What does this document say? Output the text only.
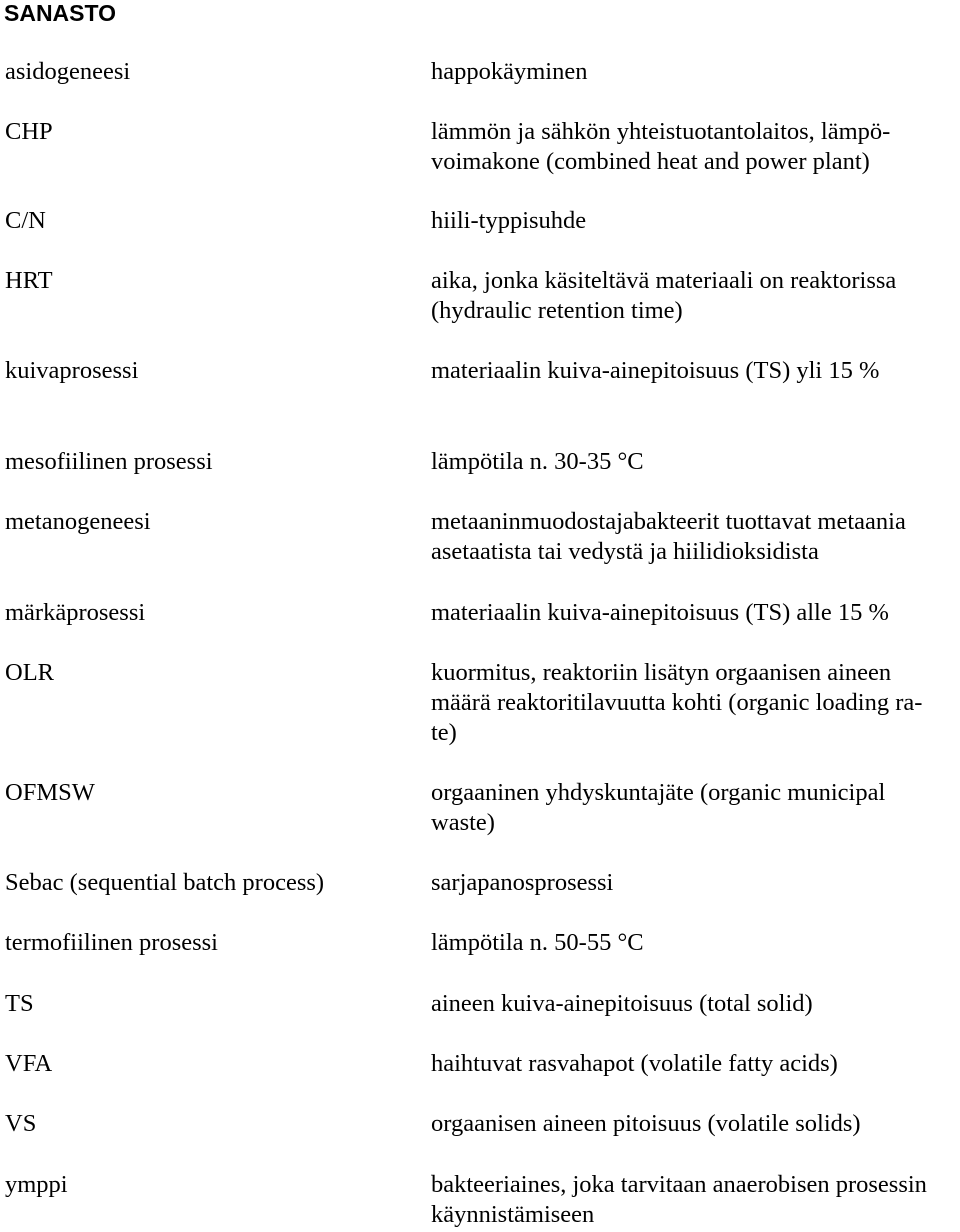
SANASTO
asidogeneesi	happokäyminen
CHP	lämmön ja sähkön yhteistuotantolaitos, lämpö-
voimakone (combined heat and power plant)
C/N	hiili-typpisuhde
HRT	aika, jonka käsiteltävä materiaali on reaktorissa
(hydraulic retention time)
kuivaprosessi	materiaalin kuiva-ainepitoisuus (TS) yli 15 %
mesofiilinen prosessi	lämpötila n. 30-35 °C
metanogeneesi	metaaninmuodostajabakteerit tuottavat metaania
asetaatista tai vedystä ja hiilidioksidista
märkäprosessi	materiaalin kuiva-ainepitoisuus (TS) alle 15 %
OLR	kuormitus, reaktoriin lisätyn orgaanisen aineen
määrä reaktoritilavuutta kohti (organic loading ra-
te)
OFMSW	orgaaninen yhdyskuntajäte (organic municipal
waste)
Sebac (sequential batch process)	sarjapanosprosessi
termofiilinen prosessi	lämpötila n. 50-55 °C
TS	aineen kuiva-ainepitoisuus (total solid)
VFA	haihtuvat rasvahapot (volatile fatty acids)
VS	orgaanisen aineen pitoisuus (volatile solids)
ymppi	bakteeriaines, joka tarvitaan anaerobisen prosessin
käynnistämiseen
